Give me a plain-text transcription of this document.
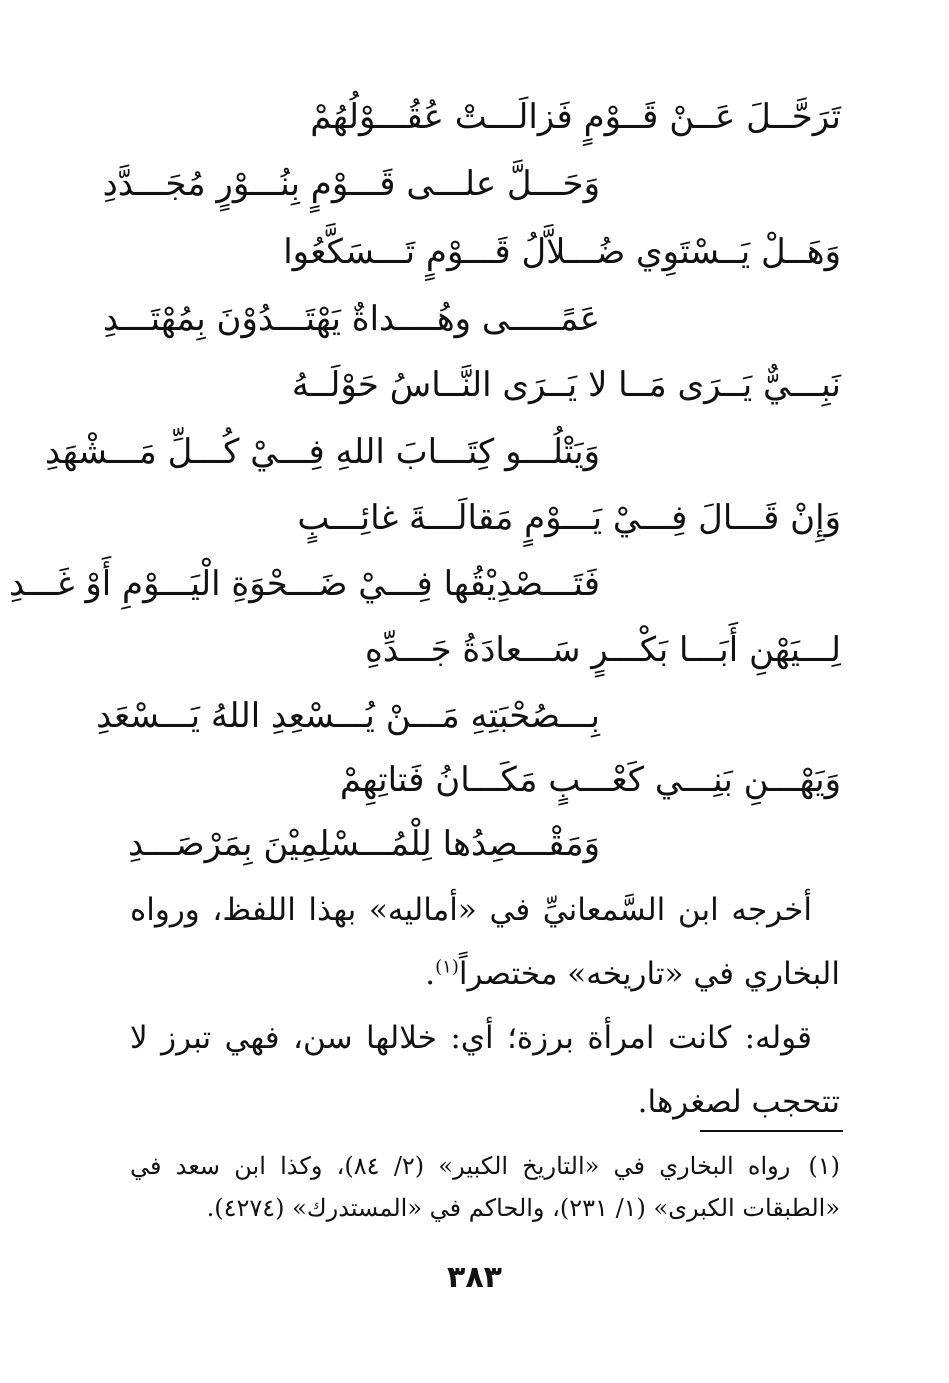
تَرَحَّــلَ عَــنْ قَــوْمٍ فَزالَـــتْ عُقُـــوْلُهُمْ
وَحَـــلَّ علـــى قَـــوْمٍ بِنُـــوْرٍ مُجَـــدَّدِ
وَهَــلْ يَــسْتَوِي ضُـــلاَّلُ قَـــوْمٍ تَـــسَكَّعُوا
عَمًـــــى وهُــــداةٌ يَهْتَـــدُوْنَ بِمُهْتَـــدِ
نَبِـــيٌّ يَــرَى مَــا لا يَــرَى النَّــاسُ حَوْلَــهُ
وَيَتْلُـــو كِتَـــابَ اللهِ فِـــيْ كُـــلِّ مَـــشْهَدِ
وَإِنْ قَـــالَ فِـــيْ يَـــوْمٍ مَقالَـــةَ غائِـــبٍ
فَتَـــصْدِيْقُها فِـــيْ ضَـــحْوَةِ الْيَـــوْمِ أَوْ غَـــدِ
لِـــيَهْنِ أَبَـــا بَكْـــرٍ سَـــعادَةُ جَـــدِّهِ
بِـــصُحْبَتِهِ مَـــنْ يُـــسْعِدِ اللهُ يَـــسْعَدِ
وَيَهْـــنِ بَنِـــي كَعْـــبٍ مَكَـــانُ فَتاتِهِمْ
وَمَقْـــصِدُها لِلْمُـــسْلِمِيْنَ بِمَرْصَـــدِ

أخرجه ابن السَّمعانيِّ في «أماليه» بهذا اللفظ، ورواه البخاري في «تاريخه» مختصراً$^{(١)}$.

قوله: كانت امرأة برزة؛ أي: خلالها سن، فهي تبرز لا تتحجب لصغرها.

(١)رواه البخاري في «التاريخ الكبير» (٢/ ٨٤)، وكذا ابن سعد في «الطبقات الكبرى» (١/ ٢٣١)، والحاكم في «المستدرك» (٤٢٧٤).

٣٨٣
